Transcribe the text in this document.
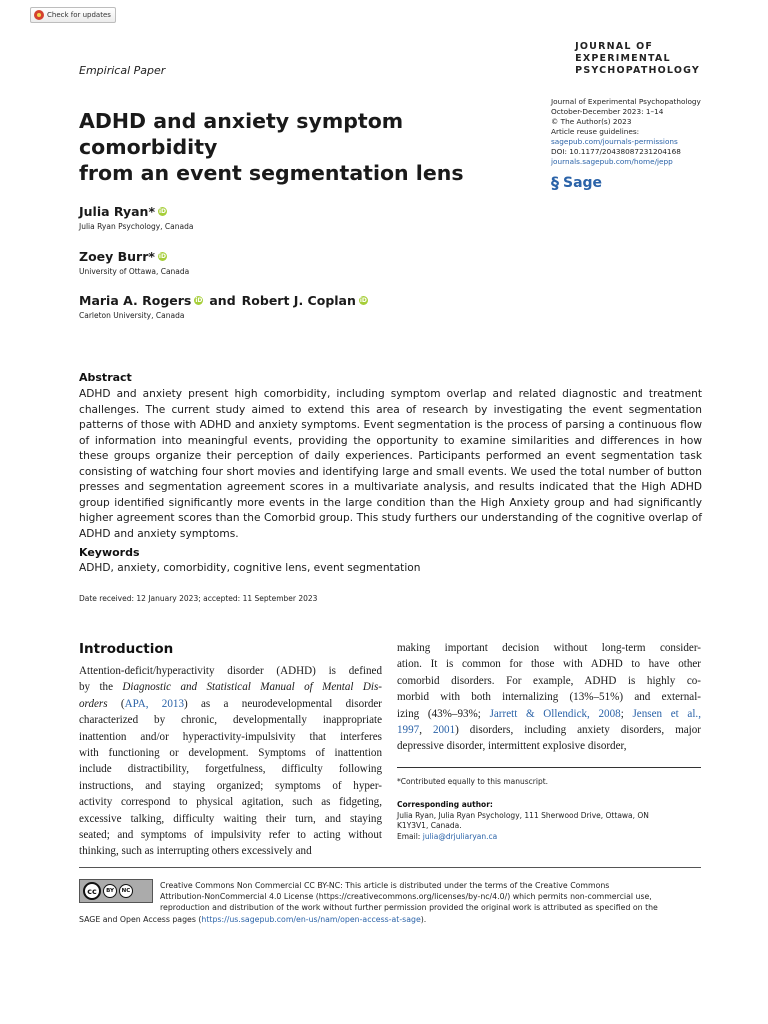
Check for updates
JOURNAL OF
EXPERIMENTAL
PSYCHOPATHOLOGY
Empirical Paper
ADHD and anxiety symptom comorbidity
from an event segmentation lens
Journal of Experimental Psychopathology
October-December 2023: 1–14
© The Author(s) 2023
Article reuse guidelines:
sagepub.com/journals-permissions
DOI: 10.1177/20438087231204168
journals.sagepub.com/home/jepp
§ Sage
Julia Ryan* iD
Julia Ryan Psychology, Canada
Zoey Burr* iD
University of Ottawa, Canada
Maria A. Rogers iD and Robert J. Coplan iD
Carleton University, Canada
Abstract
ADHD and anxiety present high comorbidity, including symptom overlap and related diagnostic and treatment challenges. The current study aimed to extend this area of research by investigating the event segmentation patterns of those with ADHD and anxiety symptoms. Event segmentation is the process of parsing a continuous flow of information into meaningful events, providing the opportunity to examine similarities and differences in how these groups organize their perception of daily experiences. Participants performed an event segmentation task consisting of watching four short movies and identifying large and small events. We used the total number of button presses and segmentation agreement scores in a multivariate analysis, and results indicated that the High ADHD group identified significantly more events in the large condition than the High Anxiety group and had significantly higher agreement scores than the Comorbid group. This study furthers our understanding of the cognitive overlap of ADHD and anxiety symptoms.
Keywords
ADHD, anxiety, comorbidity, cognitive lens, event segmentation
Date received: 12 January 2023; accepted: 11 September 2023
Introduction
Attention-deficit/hyperactivity disorder (ADHD) is defined
by the Diagnostic and Statistical Manual of Mental Dis-
orders (APA, 2013) as a neurodevelopmental disorder
characterized by chronic, developmentally inappropriate
inattention and/or hyperactivity-impulsivity that interferes
with functioning or development. Symptoms of inattention
include distractibility, forgetfulness, difficulty following
instructions, and staying organized; symptoms of hyper-
activity correspond to physical agitation, such as fidgeting,
excessive talking, difficulty waiting their turn, and staying
seated; and symptoms of impulsivity refer to acting without
thinking, such as interrupting others excessively and
making important decision without long-term consider-
ation. It is common for those with ADHD to have other
comorbid disorders. For example, ADHD is highly co-
morbid with both internalizing (13%–51%) and external-
izing (43%–93%; Jarrett & Ollendick, 2008; Jensen et al.,
1997, 2001) disorders, including anxiety disorders, major
depressive disorder, intermittent explosive disorder,
*Contributed equally to this manuscript.
Corresponding author:
Julia Ryan, Julia Ryan Psychology, 111 Sherwood Drive, Ottawa, ON
K1Y3V1, Canada.
Email: julia@drjuliaryan.ca
cc	BY	NC
Creative Commons Non Commercial CC BY-NC: This article is distributed under the terms of the Creative Commons
Attribution-NonCommercial 4.0 License (https://creativecommons.org/licenses/by-nc/4.0/) which permits non-commercial use,
reproduction and distribution of the work without further permission provided the original work is attributed as specified on the
SAGE and Open Access pages (https://us.sagepub.com/en-us/nam/open-access-at-sage).
